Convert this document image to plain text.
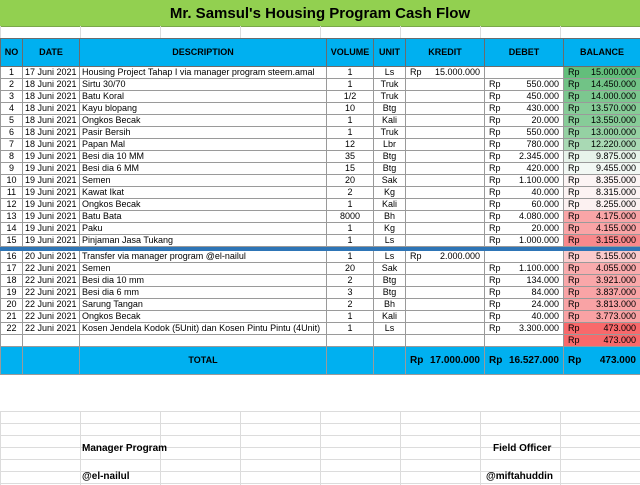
Mr. Samsul's Housing Program Cash Flow
NO	DATE	DESCRIPTION	VOLUME	UNIT	KREDIT	DEBET	BALANCE
1	17 Juni 2021	Housing Project Tahap I via manager program steem.amal	1	Ls	Rp 15.000.000		Rp 15.000.000

2	18 Juni 2021	Sirtu 30/70	1	Truk		Rp 550.000	Rp 14.450.000

3	18 Juni 2021	Batu Koral	1/2	Truk		Rp 450.000	Rp 14.000.000

4	18 Juni 2021	Kayu blopang	10	Btg		Rp 430.000	Rp 13.570.000

5	18 Juni 2021	Ongkos Becak	1	Kali		Rp 20.000	Rp 13.550.000

6	18 Juni 2021	Pasir Bersih	1	Truk		Rp 550.000	Rp 13.000.000

7	18 Juni 2021	Papan Mal	12	Lbr		Rp 780.000	Rp 12.220.000

8	19 Juni 2021	Besi dia 10 MM	35	Btg		Rp 2.345.000	Rp 9.875.000

9	19 Juni 2021	Besi dia 6 MM	15	Btg		Rp 420.000	Rp 9.455.000

10	19 Juni 2021	Semen	20	Sak		Rp 1.100.000	Rp 8.355.000

11	19 Juni 2021	Kawat Ikat	2	Kg		Rp 40.000	Rp 8.315.000

12	19 Juni 2021	Ongkos Becak	1	Kali		Rp 60.000	Rp 8.255.000

13	19 Juni 2021	Batu Bata	8000	Bh		Rp 4.080.000	Rp 4.175.000

14	19 Juni 2021	Paku	1	Kg		Rp 20.000	Rp 4.155.000

15	19 Juni 2021	Pinjaman Jasa Tukang	1	Ls		Rp 1.000.000	Rp 3.155.000

16	20 Juni 2021	Transfer via manager program @el-nailul	1	Ls	Rp 2.000.000		Rp 5.155.000

17	22 Juni 2021	Semen	20	Sak		Rp 1.100.000	Rp 4.055.000

18	22 Juni 2021	Besi dia 10 mm	2	Btg		Rp 134.000	Rp 3.921.000

19	22 Juni 2021	Besi dia 6 mm	3	Btg		Rp 84.000	Rp 3.837.000

20	22 Juni 2021	Sarung Tangan	2	Bh		Rp 24.000	Rp 3.813.000

21	22 Juni 2021	Ongkos Becak	1	Kali		Rp 40.000	Rp 3.773.000

22	22 Juni 2021	Kosen Jendela Kodok (5Unit) dan Kosen Pintu Pintu (4Unit)	1	Ls		Rp 3.300.000	Rp 473.000

							Rp 473.000

		TOTAL			Rp 17.000.000	Rp 16.527.000	Rp 473.000
Manager Program
@el-nailul
Field Officer
@miftahuddin
